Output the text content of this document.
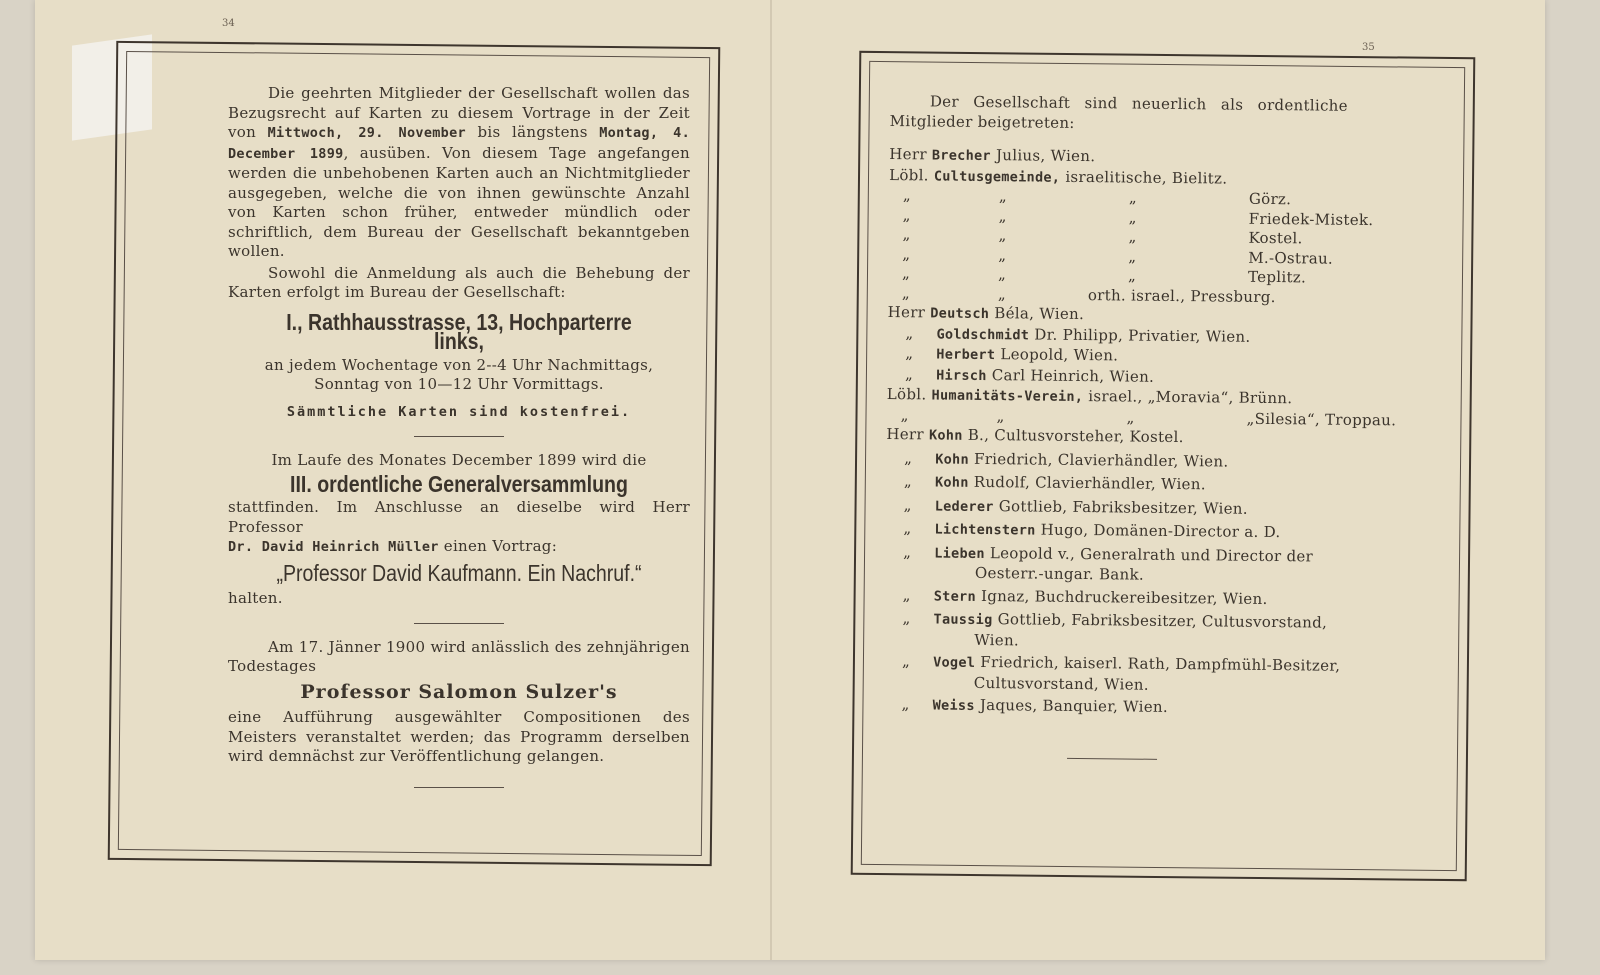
34
Die geehrten Mitglieder der Gesellschaft wollen das Bezugsrecht auf Karten zu diesem Vortrage in der Zeit von Mittwoch, 29. November bis längstens Montag, 4. December 1899, ausüben. Von diesem Tage angefangen werden die unbehobenen Karten auch an Nichtmitglieder ausgegeben, welche die von ihnen gewünschte Anzahl von Karten schon früher, entweder mündlich oder schriftlich, dem Bureau der Gesellschaft bekanntgeben wollen.
Sowohl die Anmeldung als auch die Behebung der Karten erfolgt im Bureau der Gesellschaft:
I., Rathhausstrasse, 13, Hochparterre links,
an jedem Wochentage von 2--4 Uhr Nachmittags,
Sonntag von 10—12 Uhr Vormittags.
Sämmtliche Karten sind kostenfrei.
Im Laufe des Monates December 1899 wird die
III. ordentliche Generalversammlung
stattfinden. Im Anschlusse an dieselbe wird Herr Professor
Dr. David Heinrich Müller einen Vortrag:
„Professor David Kaufmann. Ein Nachruf.“
halten.
Am 17. Jänner 1900 wird anlässlich des zehnjährigen Todestages
Professor Salomon Sulzer's
eine Aufführung ausgewählter Compositionen des Meisters veranstaltet werden; das Programm derselben wird demnächst zur Veröffentlichung gelangen.
35
Der Gesellschaft sind neuerlich als ordentliche Mitglieder beigetreten:
Herr Brecher Julius, Wien.
Löbl. Cultusgemeinde, israelitische, Bielitz.
„	„	„	Görz.
„	„	„	Friedek-Mistek.
„	„	„	Kostel.
„	„	„	M.-Ostrau.
„	„	„	Teplitz.
„	„	orth. israel., Pressburg.
Herr Deutsch Béla, Wien.
„ Goldschmidt Dr. Philipp, Privatier, Wien.
„ Herbert Leopold, Wien.
„ Hirsch Carl Heinrich, Wien.
Löbl. Humanitäts-Verein, israel., „Moravia“, Brünn.
„	„	„	„Silesia“, Troppau.
Herr Kohn B., Cultusvorsteher, Kostel.
„ Kohn Friedrich, Clavierhändler, Wien.
„ Kohn Rudolf, Clavierhändler, Wien.
„ Lederer Gottlieb, Fabriksbesitzer, Wien.
„ Lichtenstern Hugo, Domänen-Director a. D.
„ Lieben Leopold v., Generalrath und Director der
Oesterr.-ungar. Bank.
„ Stern Ignaz, Buchdruckereibesitzer, Wien.
„ Taussig Gottlieb, Fabriksbesitzer, Cultusvorstand,
Wien.
„ Vogel Friedrich, kaiserl. Rath, Dampfmühl-Besitzer,
Cultusvorstand, Wien.
„ Weiss Jaques, Banquier, Wien.
